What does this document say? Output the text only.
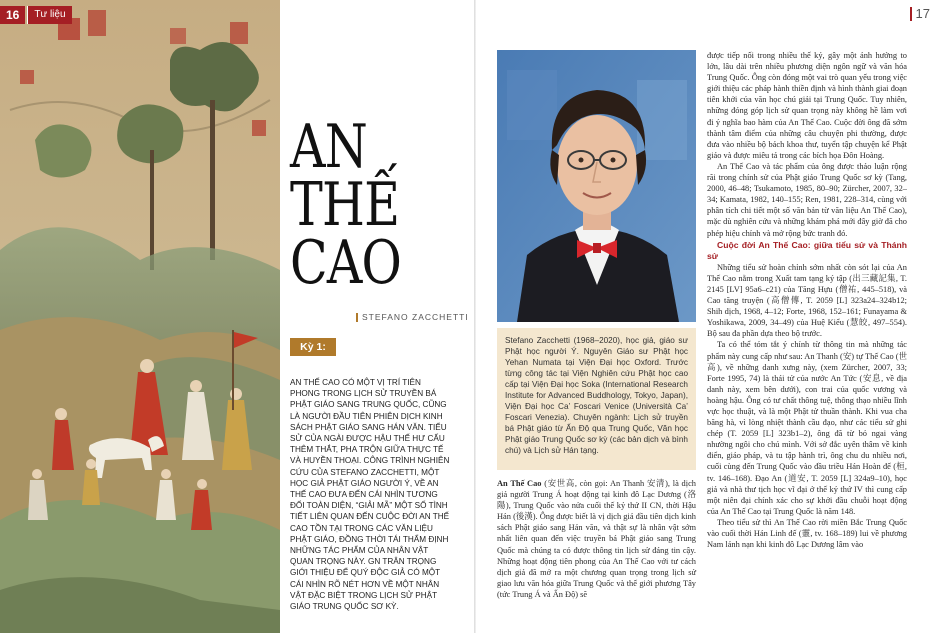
16	Tư liệu
AN
THẾ
CAO
STEFANO ZACCHETTI
Kỳ 1:

AN THẾ CAO CÓ MỘT VỊ TRÍ TIÊN PHONG TRONG LỊCH SỬ TRUYỀN BÁ PHẬT GIÁO SANG TRUNG QUỐC, CŨNG LÀ NGƯỜI ĐẦU TIÊN PHIÊN DỊCH KINH SÁCH PHẬT GIÁO SANG HÁN VĂN. TIỂU SỬ CỦA NGÀI ĐƯỢC HẬU THẾ HƯ CẤU THÊM THẮT, PHA TRỘN GIỮA THỰC TẾ VÀ HUYỀN THOẠI. CÔNG TRÌNH NGHIÊN CỨU CỦA STEFANO ZACCHETTI, MỘT HỌC GIẢ PHẬT GIÁO NGƯỜI Ý, VỀ AN THẾ CAO ĐƯA ĐẾN CÁI NHÌN TƯƠNG ĐỐI TOÀN DIỆN, “GIẢI MÃ” MỘT SỐ TÌNH TIẾT LIÊN QUAN ĐẾN CUỘC ĐỜI AN THẾ CAO TỒN TẠI TRONG CÁC VĂN LIỆU PHẬT GIÁO, ĐỒNG THỜI TÁI THẨM ĐỊNH NHỮNG TÁC PHẨM CỦA NHÂN VẬT QUAN TRỌNG NÀY. GN TRÂN TRỌNG GIỚI THIỆU ĐỂ QUÝ ĐỘC GIẢ CÓ MỘT CÁI NHÌN RÕ NÉT HƠN VỀ MỘT NHÂN VẬT ĐẶC BIỆT TRONG LỊCH SỬ PHẬT GIÁO TRUNG QUỐC SƠ KỲ.

17
Stefano Zacchetti (1968–2020), học giả, giáo sư Phật học người Ý. Nguyên Giáo sư Phật học Yehan Numata tại Viện Đại học Oxford. Trước từng công tác tại Viện Nghiên cứu Phật học cao cấp tại Viện Đại học Soka (International Research Institute for Advanced Buddhology, Tokyo, Japan), Viện Đại học Ca’ Foscari Venice (Università Ca’ Foscari Venezia). Chuyên ngành: Lịch sử truyền bá Phật giáo từ Ấn Độ qua Trung Quốc, Văn học Phật giáo Trung Quốc sơ kỳ (các bản dịch và bình chú) và Lịch sử Hán tạng.

An Thế Cao (安世高, còn gọi: An Thanh 安清), là dịch giả người Trung Á hoạt động tại kinh đô Lạc Dương (洛陽), Trung Quốc vào nửa cuối thế kỷ thứ II CN, thời Hậu Hán (後漢). Ông được biết là vị dịch giả đầu tiên dịch kinh sách Phật giáo sang Hán văn, và thật sự là nhân vật sớm nhất liên quan đến việc truyền bá Phật giáo sang Trung Quốc mà chúng ta có được thông tin lịch sử đáng tin cậy. Những hoạt động tiên phong của An Thế Cao với tư cách dịch giả đã mở ra một chương quan trọng trong lịch sử giao lưu văn hóa giữa Trung Quốc và thế giới phương Tây (tức Trung Á và Ấn Độ) sẽ

được tiếp nối trong nhiều thế kỷ, gây một ảnh hưởng to lớn, lâu dài trên nhiều phương diện ngôn ngữ và văn hóa Trung Quốc. Ông còn đóng một vai trò quan yếu trong việc giới thiệu các pháp hành thiền định và hình thành giai đoạn tiên khởi của văn học chú giải tại Trung Quốc. Tuy nhiên, những đóng góp lịch sử quan trọng này không hề làm vơi đi ý nghĩa bao hàm của An Thế Cao. Cuộc đời ông đã sớm thành tâm điểm của những câu chuyện phi thường, được đưa vào nhiều bộ bách khoa thư, tuyển tập chuyện kể Phật giáo và được miêu tả trong các bích họa Đôn Hoàng.

An Thế Cao và tác phẩm của ông được thảo luận rộng rãi trong chính sử của Phật giáo Trung Quốc sơ kỳ (Tang, 2000, 46–48; Tsukamoto, 1985, 80–90; Zürcher, 2007, 32–34; Kamata, 1982, 140–155; Ren, 1981, 228–314, cùng với phân tích chi tiết một số văn bản từ văn liệu An Thế Cao), mặc dù nghiên cứu và những khám phá mới đây giờ đã cho phép hiệu chỉnh và mở rộng bức tranh đó.

Cuộc đời An Thế Cao: giữa tiểu sử và Thánh sử

Những tiểu sử hoàn chỉnh sớm nhất còn sót lại của An Thế Cao nằm trong Xuất tam tạng ký tập (出三藏記集, T. 2145 [LV] 95a6–c21) của Tăng Hựu (僧祐, 445–518), và Cao tăng truyện (高僧傳, T. 2059 [L] 323a24–324b12; Shih dịch, 1968, 4–12; Forte, 1968, 152–161; Funayama & Yoshikawa, 2009, 34–49) của Huệ Kiểu (慧皎, 497–554). Bộ sau đa phần dựa theo bộ trước.

Ta có thể tóm tắt ý chính từ thông tin mà những tác phẩm này cung cấp như sau: An Thanh (安) tự Thế Cao (世高), về những danh xưng này, (xem Zürcher, 2007, 33; Forte 1995, 74) là thái tử của nước An Tức (安息, về địa danh này, xem bên dưới), con trai của quốc vương và hoàng hậu. Ông có tư chất thông tuệ, thông thạo nhiều lĩnh vực học thuật, và là một Phật tử thuần thành. Khi vua cha băng hà, vì lòng nhiệt thành cầu đạo, như các tiểu sử ghi chép (T. 2059 [L] 323b1–2), ông đã từ bỏ ngai vàng nhường ngôi cho chú mình. Với sở đắc uyên thâm về kinh điển, giáo pháp, và tu tập hành trì, ông chu du nhiều nơi, cuối cùng đến Trung Quốc vào đầu triều Hán Hoàn đế (桓, tv. 146–168). Đạo An (道安, T. 2059 [L] 324a9–10), học giả và nhà thư tịch học vĩ đại ở thế kỷ thứ IV thì cung cấp một niên đại chính xác cho sự khởi đầu chuỗi hoạt động của An Thế Cao tại Trung Quốc là năm 148.

Theo tiểu sử thì An Thế Cao rời miền Bắc Trung Quốc vào cuối thời Hán Linh đế (靈, tv. 168–189) lui về phương Nam lánh nạn khi kinh đô Lạc Dương lâm vào
